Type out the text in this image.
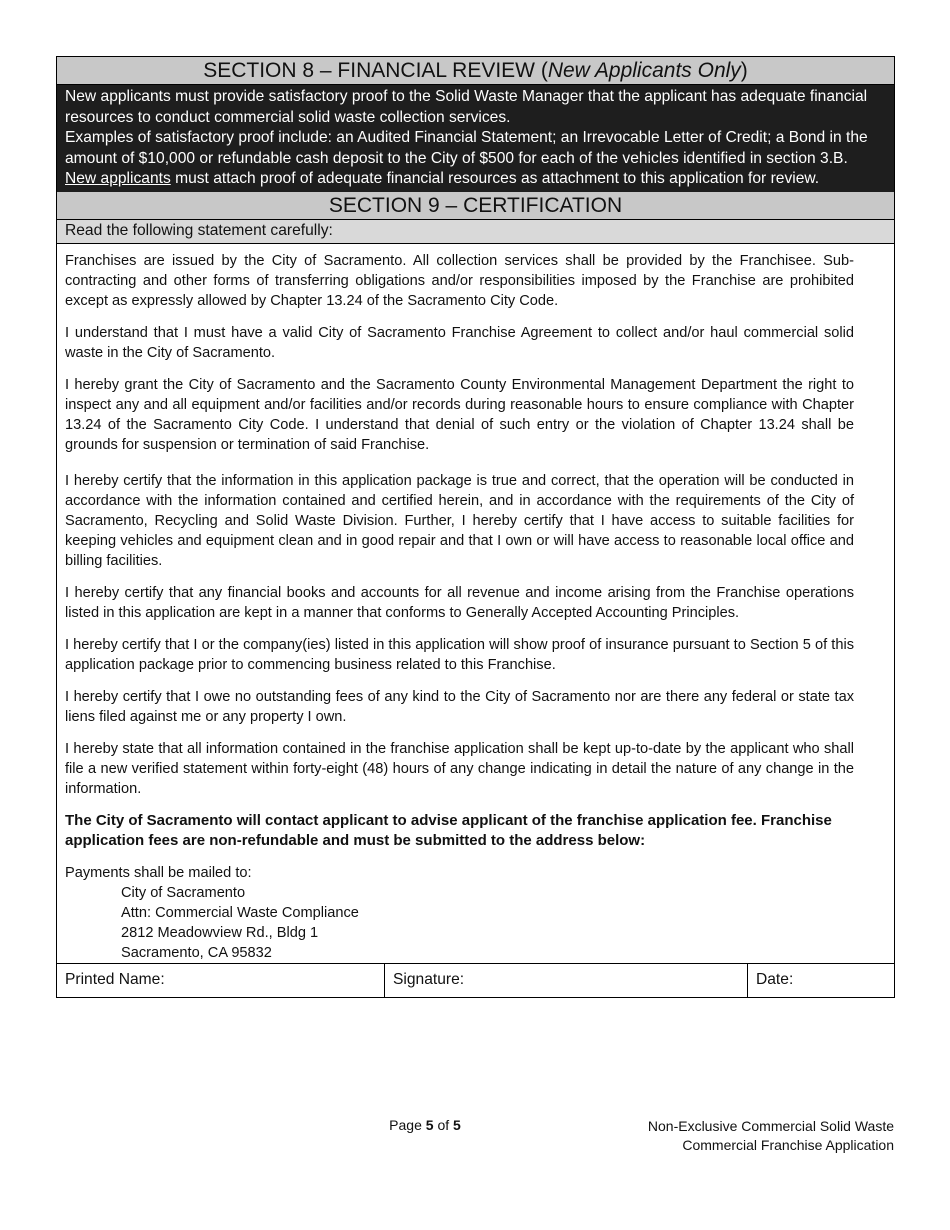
SECTION 8 – FINANCIAL REVIEW (New Applicants Only)

New applicants must provide satisfactory proof to the Solid Waste Manager that the applicant has adequate financial resources to conduct commercial solid waste collection services.

Examples of satisfactory proof include: an Audited Financial Statement; an Irrevocable Letter of Credit; a Bond in the amount of $10,000 or refundable cash deposit to the City of $500 for each of the vehicles identified in section 3.B.

New applicants must attach proof of adequate financial resources as attachment to this application for review.

SECTION 9 – CERTIFICATION
Read the following statement carefully:

Franchises are issued by the City of Sacramento. All collection services shall be provided by the Franchisee. Sub-contracting and other forms of transferring obligations and/or responsibilities imposed by the Franchise are prohibited except as expressly allowed by Chapter 13.24 of the Sacramento City Code.

I understand that I must have a valid City of Sacramento Franchise Agreement to collect and/or haul commercial solid waste in the City of Sacramento.

I hereby grant the City of Sacramento and the Sacramento County Environmental Management Department the right to inspect any and all equipment and/or facilities and/or records during reasonable hours to ensure compliance with Chapter 13.24 of the Sacramento City Code. I understand that denial of such entry or the violation of Chapter 13.24 shall be grounds for suspension or termination of said Franchise.

I hereby certify that the information in this application package is true and correct, that the operation will be conducted in accordance with the information contained and certified herein, and in accordance with the requirements of the City of Sacramento, Recycling and Solid Waste Division. Further, I hereby certify that I have access to suitable facilities for keeping vehicles and equipment clean and in good repair and that I own or will have access to reasonable local office and billing facilities.

I hereby certify that any financial books and accounts for all revenue and income arising from the Franchise operations listed in this application are kept in a manner that conforms to Generally Accepted Accounting Principles.

I hereby certify that I or the company(ies) listed in this application will show proof of insurance pursuant to Section 5 of this application package prior to commencing business related to this Franchise.

I hereby certify that I owe no outstanding fees of any kind to the City of Sacramento nor are there any federal or state tax liens filed against me or any property I own.

I hereby state that all information contained in the franchise application shall be kept up-to-date by the applicant who shall file a new verified statement within forty-eight (48) hours of any change indicating in detail the nature of any change in the information.

The City of Sacramento will contact applicant to advise applicant of the franchise application fee. Franchise application fees are non-refundable and must be submitted to the address below:

Payments shall be mailed to:
City of Sacramento
Attn: Commercial Waste Compliance
2812 Meadowview Rd., Bldg 1
Sacramento, CA 95832
Printed Name:	Signature:	Date:
Page 5 of 5	Non-Exclusive Commercial Solid Waste
Commercial Franchise Application
